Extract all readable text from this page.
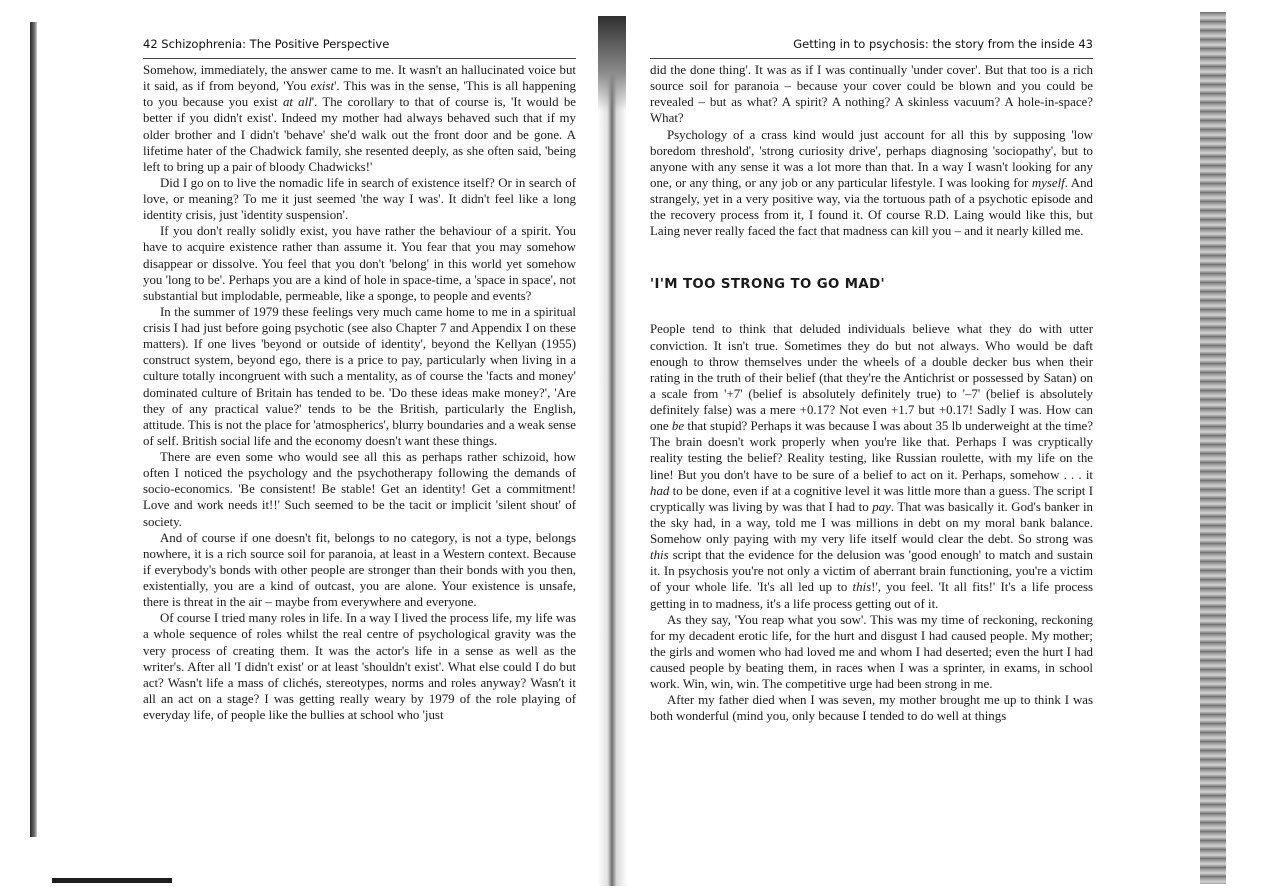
42 Schizophrenia: The Positive Perspective

Somehow, immediately, the answer came to me. It wasn't an hallucinated voice but it said, as if from beyond, 'You exist'. This was in the sense, 'This is all happening to you because you exist at all'. The corollary to that of course is, 'It would be better if you didn't exist'. Indeed my mother had always behaved such that if my older brother and I didn't 'behave' she'd walk out the front door and be gone. A lifetime hater of the Chadwick family, she resented deeply, as she often said, 'being left to bring up a pair of bloody Chadwicks!'

Did I go on to live the nomadic life in search of existence itself? Or in search of love, or meaning? To me it just seemed 'the way I was'. It didn't feel like a long identity crisis, just 'identity suspension'.

If you don't really solidly exist, you have rather the behaviour of a spirit. You have to acquire existence rather than assume it. You fear that you may somehow disappear or dissolve. You feel that you don't 'belong' in this world yet somehow you 'long to be'. Perhaps you are a kind of hole in space-time, a 'space in space', not substantial but implodable, permeable, like a sponge, to people and events?

In the summer of 1979 these feelings very much came home to me in a spiritual crisis I had just before going psychotic (see also Chapter 7 and Appendix I on these matters). If one lives 'beyond or outside of identity', beyond the Kellyan (1955) construct system, beyond ego, there is a price to pay, particularly when living in a culture totally incongruent with such a mentality, as of course the 'facts and money' dominated culture of Britain has tended to be. 'Do these ideas make money?', 'Are they of any practical value?' tends to be the British, particularly the English, attitude. This is not the place for 'atmospherics', blurry boundaries and a weak sense of self. British social life and the economy doesn't want these things.

There are even some who would see all this as perhaps rather schizoid, how often I noticed the psychology and the psychotherapy following the demands of socio-economics. 'Be consistent! Be stable! Get an identity! Get a commitment! Love and work needs it!!' Such seemed to be the tacit or implicit 'silent shout' of society.

And of course if one doesn't fit, belongs to no category, is not a type, belongs nowhere, it is a rich source soil for paranoia, at least in a Western context. Because if everybody's bonds with other people are stronger than their bonds with you then, existentially, you are a kind of outcast, you are alone. Your existence is unsafe, there is threat in the air – maybe from everywhere and everyone.

Of course I tried many roles in life. In a way I lived the process life, my life was a whole sequence of roles whilst the real centre of psychological gravity was the very process of creating them. It was the actor's life in a sense as well as the writer's. After all 'I didn't exist' or at least 'shouldn't exist'. What else could I do but act? Wasn't life a mass of clichés, stereotypes, norms and roles anyway? Wasn't it all an act on a stage? I was getting really weary by 1979 of the role playing of everyday life, of people like the bullies at school who 'just

Getting in to psychosis: the story from the inside 43

did the done thing'. It was as if I was continually 'under cover'. But that too is a rich source soil for paranoia – because your cover could be blown and you could be revealed – but as what? A spirit? A nothing? A skinless vacuum? A hole-in-space? What?

Psychology of a crass kind would just account for all this by supposing 'low boredom threshold', 'strong curiosity drive', perhaps diagnosing 'sociopathy', but to anyone with any sense it was a lot more than that. In a way I wasn't looking for any one, or any thing, or any job or any particular lifestyle. I was looking for myself. And strangely, yet in a very positive way, via the tortuous path of a psychotic episode and the recovery process from it, I found it. Of course R.D. Laing would like this, but Laing never really faced the fact that madness can kill you – and it nearly killed me.

'I'M TOO STRONG TO GO MAD'

People tend to think that deluded individuals believe what they do with utter conviction. It isn't true. Sometimes they do but not always. Who would be daft enough to throw themselves under the wheels of a double decker bus when their rating in the truth of their belief (that they're the Antichrist or possessed by Satan) on a scale from '+7' (belief is absolutely definitely true) to '–7' (belief is absolutely definitely false) was a mere +0.17? Not even +1.7 but +0.17! Sadly I was. How can one be that stupid? Perhaps it was because I was about 35 lb underweight at the time? The brain doesn't work properly when you're like that. Perhaps I was cryptically reality testing the belief? Reality testing, like Russian roulette, with my life on the line! But you don't have to be sure of a belief to act on it. Perhaps, somehow . . . it had to be done, even if at a cognitive level it was little more than a guess. The script I cryptically was living by was that I had to pay. That was basically it. God's banker in the sky had, in a way, told me I was millions in debt on my moral bank balance. Somehow only paying with my very life itself would clear the debt. So strong was this script that the evidence for the delusion was 'good enough' to match and sustain it. In psychosis you're not only a victim of aberrant brain functioning, you're a victim of your whole life. 'It's all led up to this!', you feel. 'It all fits!' It's a life process getting in to madness, it's a life process getting out of it.

As they say, 'You reap what you sow'. This was my time of reckoning, reckoning for my decadent erotic life, for the hurt and disgust I had caused people. My mother; the girls and women who had loved me and whom I had deserted; even the hurt I had caused people by beating them, in races when I was a sprinter, in exams, in school work. Win, win, win. The competitive urge had been strong in me.

After my father died when I was seven, my mother brought me up to think I was both wonderful (mind you, only because I tended to do well at things
